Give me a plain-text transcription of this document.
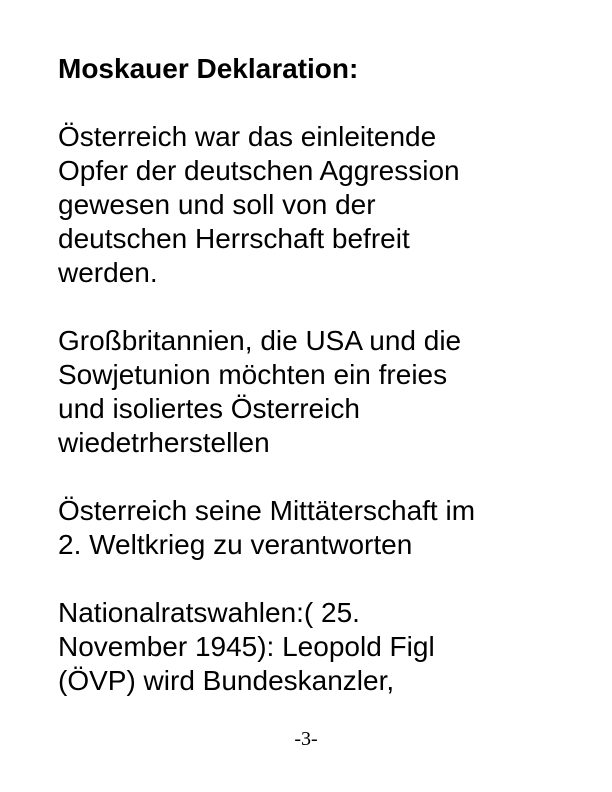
Moskauer Deklaration:

Österreich war das einleitende
Opfer der deutschen Aggression
gewesen und soll von der
deutschen Herrschaft befreit
werden.

Großbritannien, die USA und die
Sowjetunion möchten ein freies
und isoliertes Österreich
wiedetrherstellen

Österreich seine Mittäterschaft im
2. Weltkrieg zu verantworten

Nationalratswahlen:( 25.
November 1945): Leopold Figl
(ÖVP) wird Bundeskanzler,

-3-
